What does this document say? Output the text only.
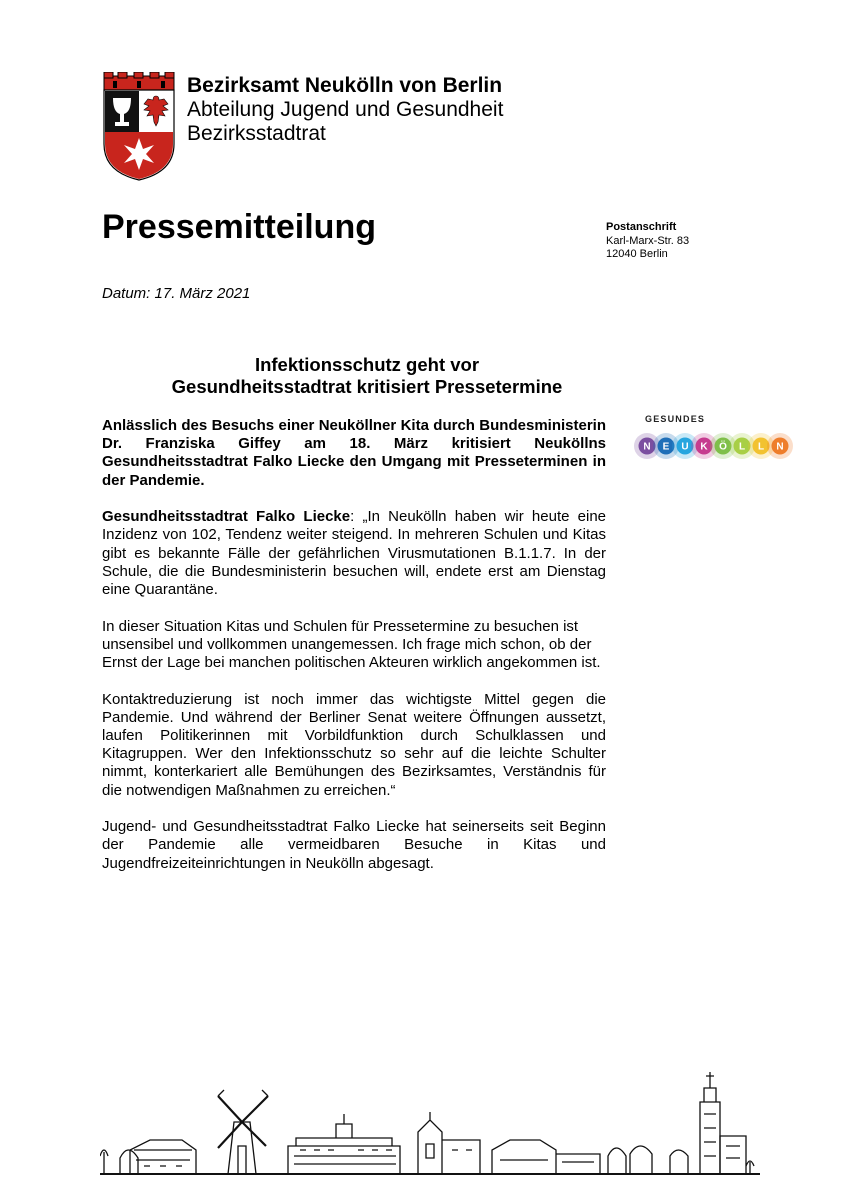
Bezirksamt Neukölln von Berlin
Abteilung Jugend und Gesundheit
Bezirksstadtrat
Pressemitteilung	Postanschrift
Karl-Marx-Str. 83
12040 Berlin
Datum: 17. März 2021
Infektionsschutz geht vor
Gesundheitsstadtrat kritisiert Pressetermine
GESUNDES
N E U K Ö L L N

Anlässlich des Besuchs einer Neuköllner Kita durch Bundesministerin Dr. Franziska Giffey am 18. März kritisiert Neuköllns Gesundheitsstadtrat Falko Liecke den Umgang mit Presseterminen in der Pandemie.

Gesundheitsstadtrat Falko Liecke: „In Neukölln haben wir heute eine Inzidenz von 102, Tendenz weiter steigend. In mehreren Schulen und Kitas gibt es bekannte Fälle der gefährlichen Virusmutationen B.1.1.7. In der Schule, die die Bundesministerin besuchen will, endete erst am Dienstag eine Quarantäne.

In dieser Situation Kitas und Schulen für Pressetermine zu besuchen ist unsensibel und vollkommen unangemessen. Ich frage mich schon, ob der Ernst der Lage bei manchen politischen Akteuren wirklich angekommen ist.

Kontaktreduzierung ist noch immer das wichtigste Mittel gegen die Pandemie. Und während der Berliner Senat weitere Öffnungen aussetzt, laufen Politikerinnen mit Vorbildfunktion durch Schulklassen und Kitagruppen. Wer den Infektionsschutz so sehr auf die leichte Schulter nimmt, konterkariert alle Bemühungen des Bezirksamtes, Verständnis für die notwendigen Maßnahmen zu erreichen.“

Jugend- und Gesundheitsstadtrat Falko Liecke hat seinerseits seit Beginn der Pandemie alle vermeidbaren Besuche in Kitas und Jugendfreizeiteinrichtungen in Neukölln abgesagt.
